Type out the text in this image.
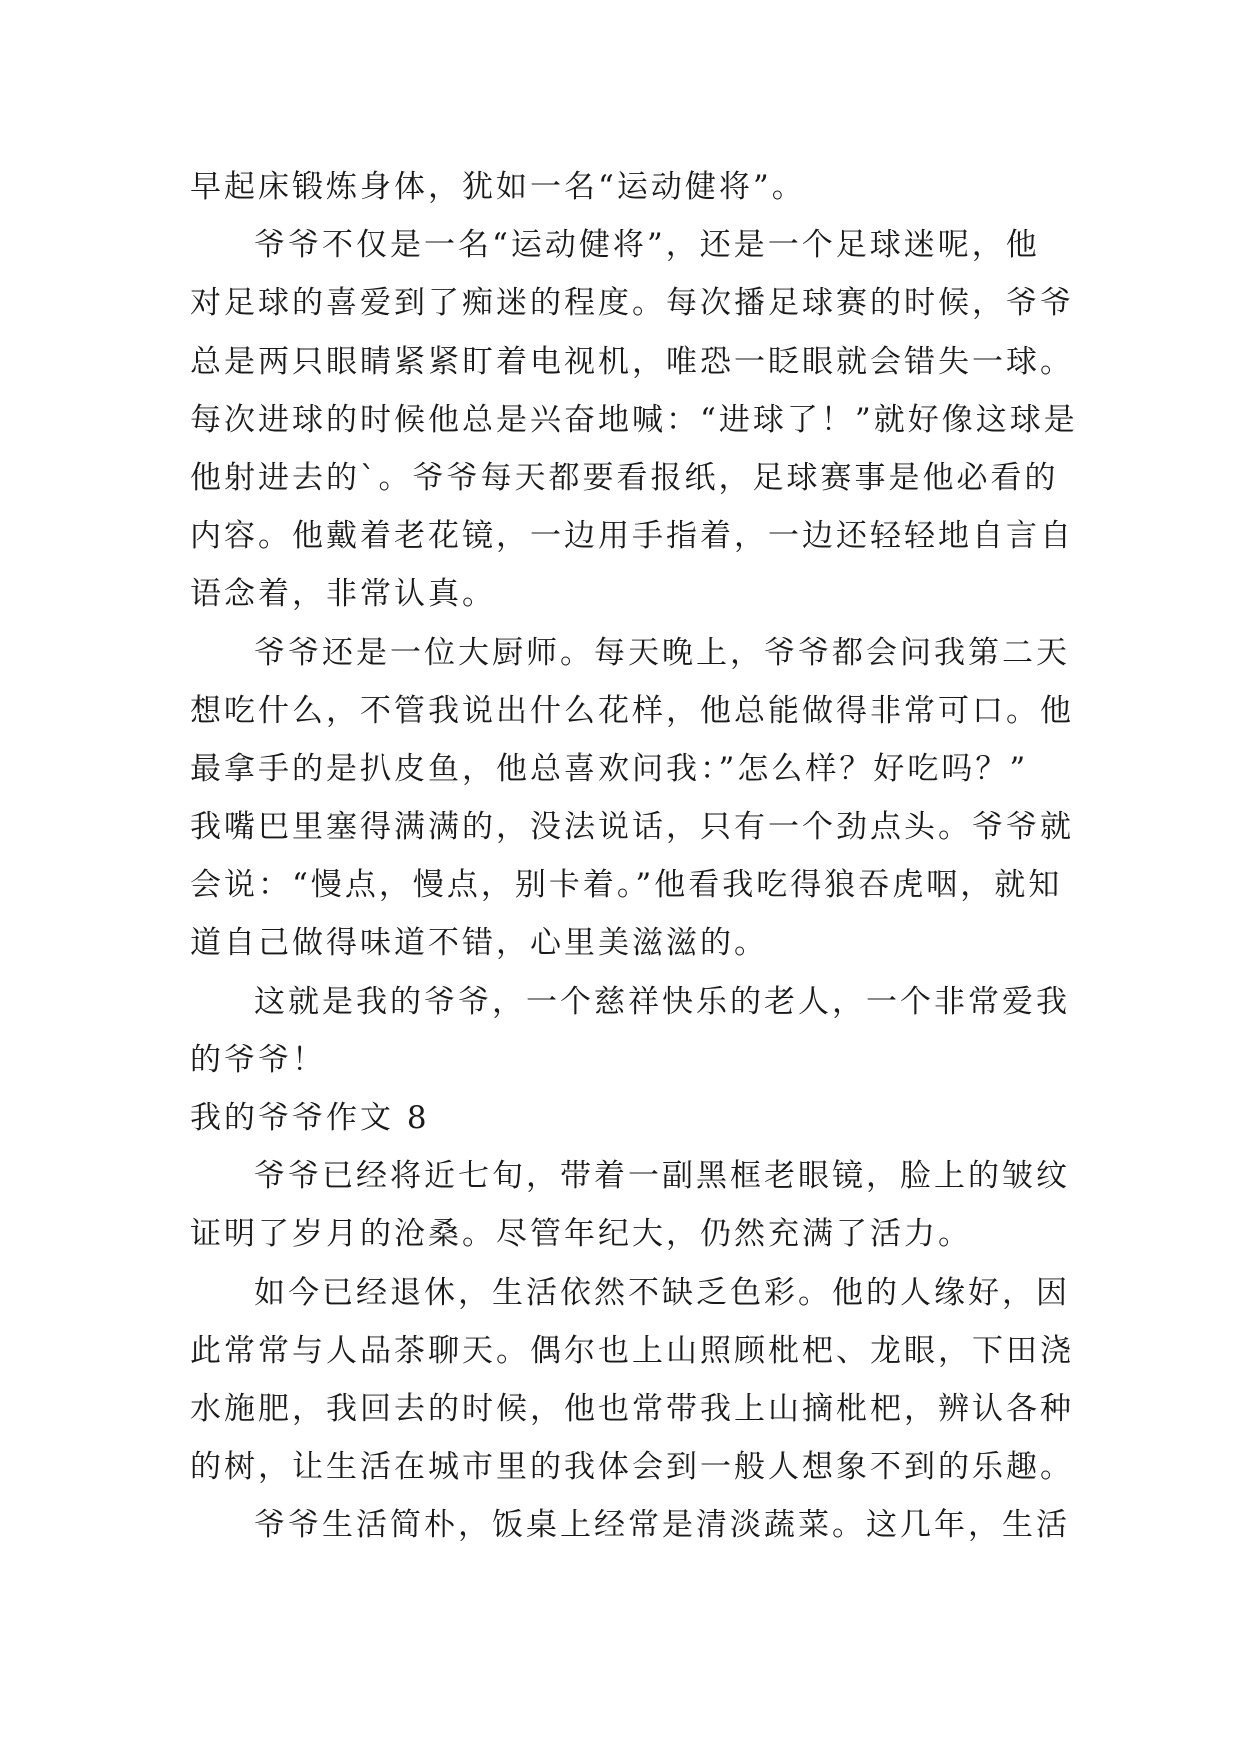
早起床锻炼身体，犹如一名“运动健将”。
爷爷不仅是一名“运动健将”，还是一个足球迷呢，他
对足球的喜爱到了痴迷的程度。每次播足球赛的时候，爷爷
总是两只眼睛紧紧盯着电视机，唯恐一眨眼就会错失一球。
每次进球的时候他总是兴奋地喊：“进球了！”就好像这球是
他射进去的`。爷爷每天都要看报纸，足球赛事是他必看的
内容。他戴着老花镜，一边用手指着，一边还轻轻地自言自
语念着，非常认真。
爷爷还是一位大厨师。每天晚上，爷爷都会问我第二天
想吃什么，不管我说出什么花样，他总能做得非常可口。他
最拿手的是扒皮鱼，他总喜欢问我：”怎么样？好吃吗？”
我嘴巴里塞得满满的，没法说话，只有一个劲点头。爷爷就
会说：“慢点，慢点，别卡着。”他看我吃得狼吞虎咽，就知
道自己做得味道不错，心里美滋滋的。
这就是我的爷爷，一个慈祥快乐的老人，一个非常爱我
的爷爷！
我的爷爷作文 8
爷爷已经将近七旬，带着一副黑框老眼镜，脸上的皱纹
证明了岁月的沧桑。尽管年纪大，仍然充满了活力。
如今已经退休，生活依然不缺乏色彩。他的人缘好，因
此常常与人品茶聊天。偶尔也上山照顾枇杷、龙眼，下田浇
水施肥，我回去的时候，他也常带我上山摘枇杷，辨认各种
的树，让生活在城市里的我体会到一般人想象不到的乐趣。
爷爷生活简朴，饭桌上经常是清淡蔬菜。这几年，生活
